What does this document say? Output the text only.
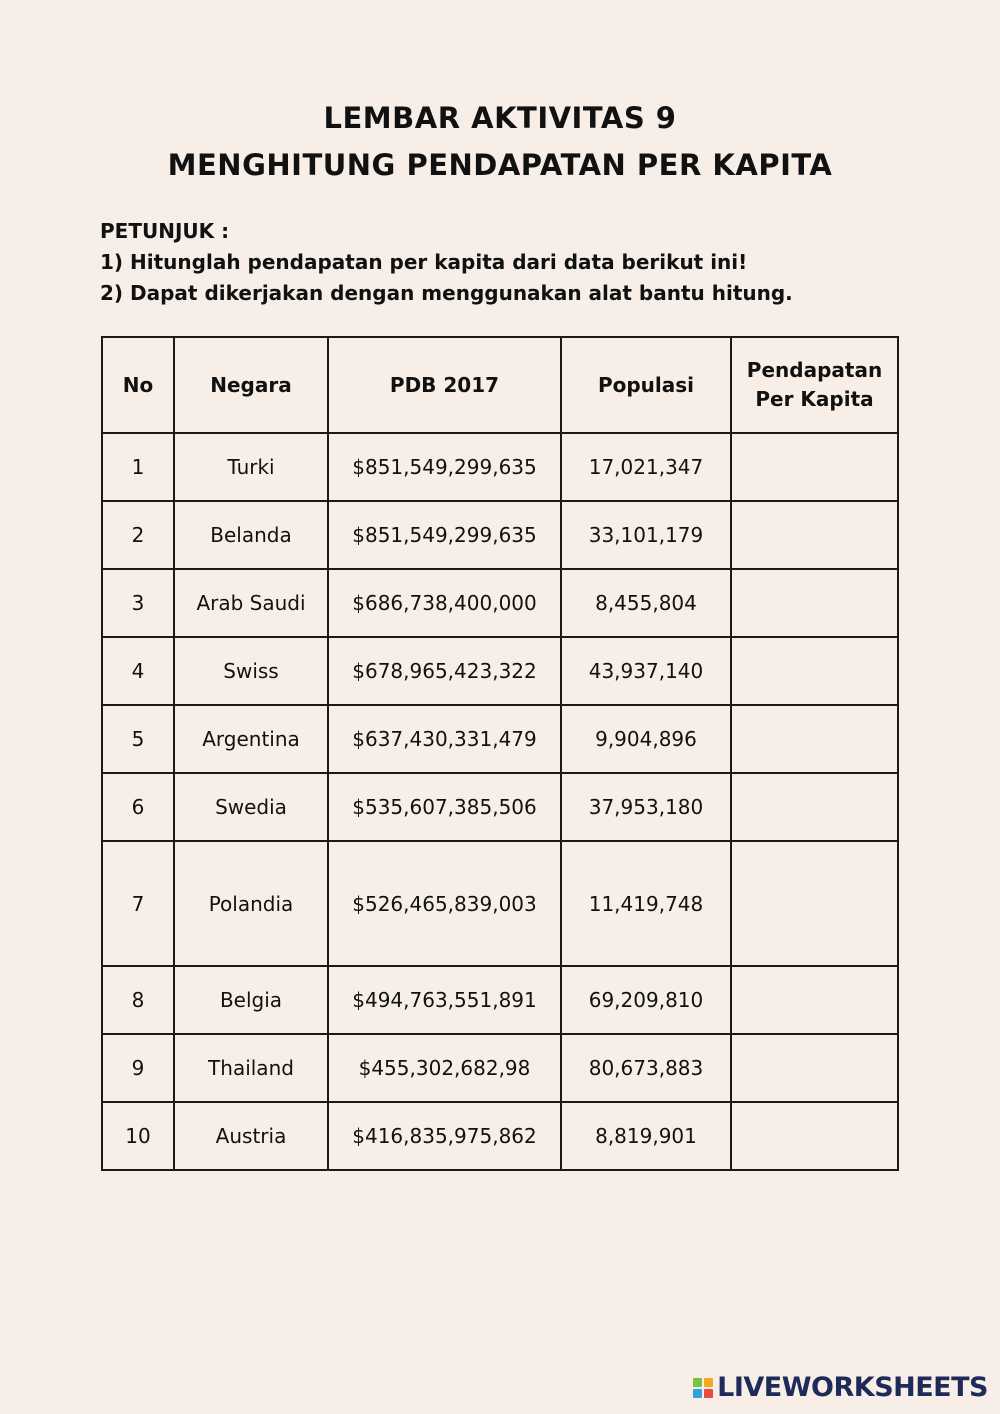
LEMBAR AKTIVITAS 9
MENGHITUNG PENDAPATAN PER KAPITA
PETUNJUK :
1) Hitunglah pendapatan per kapita dari data berikut ini!
2) Dapat dikerjakan dengan menggunakan alat bantu hitung.
No	Negara	PDB 2017	Populasi	Pendapatan
Per Kapita
1	Turki	$851,549,299,635	17,021,347	
2	Belanda	$851,549,299,635	33,101,179	
3	Arab Saudi	$686,738,400,000	8,455,804	
4	Swiss	$678,965,423,322	43,937,140	
5	Argentina	$637,430,331,479	9,904,896	
6	Swedia	$535,607,385,506	37,953,180	
7	Polandia	$526,465,839,003	11,419,748	
8	Belgia	$494,763,551,891	69,209,810	
9	Thailand	$455,302,682,98	80,673,883	
10	Austria	$416,835,975,862	8,819,901	
LIVEWORKSHEETS
